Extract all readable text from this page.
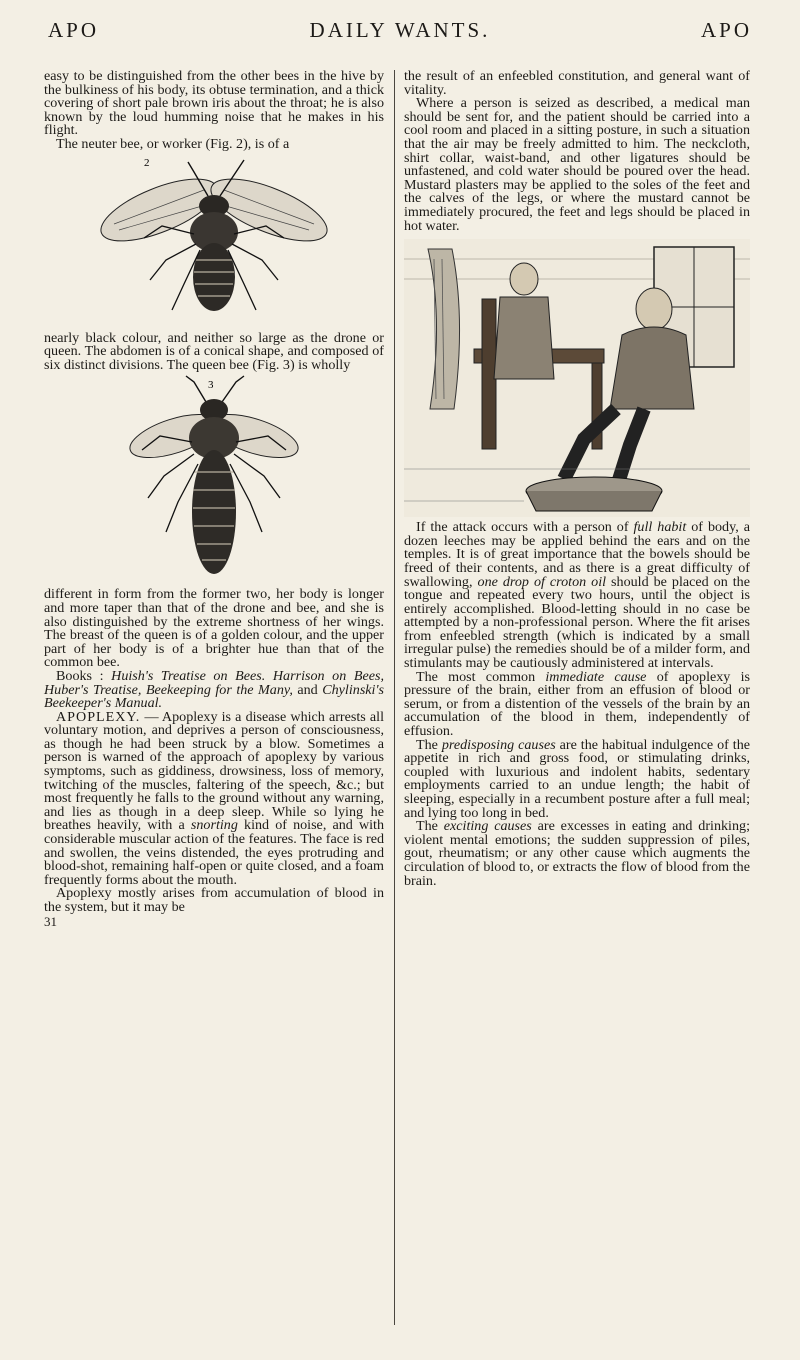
APO	DAILY WANTS.	APO

easy to be distinguished from the other bees in the hive by the bulkiness of his body, its obtuse termination, and a thick covering of short pale brown iris about the throat; he is also known by the loud humming noise that he makes in his flight.

The neuter bee, or worker (Fig. 2), is of a

2

nearly black colour, and neither so large as the drone or queen. The abdomen is of a conical shape, and composed of six distinct divisions. The queen bee (Fig. 3) is wholly

3

different in form from the former two, her body is longer and more taper than that of the drone and bee, and she is also distinguished by the extreme shortness of her wings. The breast of the queen is of a golden colour, and the upper part of her body is of a brighter hue than that of the common bee.

Books : Huish's Treatise on Bees. Harrison on Bees, Huber's Treatise, Beekeeping for the Many, and Chylinski's Beekeeper's Manual.

APOPLEXY. — Apoplexy is a disease which arrests all voluntary motion, and deprives a person of consciousness, as though he had been struck by a blow. Sometimes a person is warned of the approach of apoplexy by various symptoms, such as giddiness, drowsiness, loss of memory, twitching of the muscles, faltering of the speech, &c.; but most frequently he falls to the ground without any warning, and lies as though in a deep sleep. While so lying he breathes heavily, with a snorting kind of noise, and with considerable muscular action of the features. The face is red and swollen, the veins distended, the eyes protruding and blood-shot, remaining half-open or quite closed, and a foam frequently forms about the mouth.

Apoplexy mostly arises from accumulation of blood in the system, but it may be

31

the result of an enfeebled constitution, and general want of vitality.

Where a person is seized as described, a medical man should be sent for, and the patient should be carried into a cool room and placed in a sitting posture, in such a situation that the air may be freely admitted to him. The neckcloth, shirt collar, waist-band, and other ligatures should be unfastened, and cold water should be poured over the head. Mustard plasters may be applied to the soles of the feet and the calves of the legs, or where the mustard cannot be immediately procured, the feet and legs should be placed in hot water.

If the attack occurs with a person of full habit of body, a dozen leeches may be applied behind the ears and on the temples. It is of great importance that the bowels should be freed of their contents, and as there is a great difficulty of swallowing, one drop of croton oil should be placed on the tongue and repeated every two hours, until the object is entirely accomplished. Blood-letting should in no case be attempted by a non-professional person. Where the fit arises from enfeebled strength (which is indicated by a small irregular pulse) the remedies should be of a milder form, and stimulants may be cautiously administered at intervals.

The most common immediate cause of apoplexy is pressure of the brain, either from an effusion of blood or serum, or from a distention of the vessels of the brain by an accumulation of the blood in them, independently of effusion.

The predisposing causes are the habitual indulgence of the appetite in rich and gross food, or stimulating drinks, coupled with luxurious and indolent habits, sedentary employments carried to an undue length; the habit of sleeping, especially in a recumbent posture after a full meal; and lying too long in bed.

The exciting causes are excesses in eating and drinking; violent mental emotions; the sudden suppression of piles, gout, rheumatism; or any other cause which augments the circulation of blood to, or extracts the flow of blood from the brain.
